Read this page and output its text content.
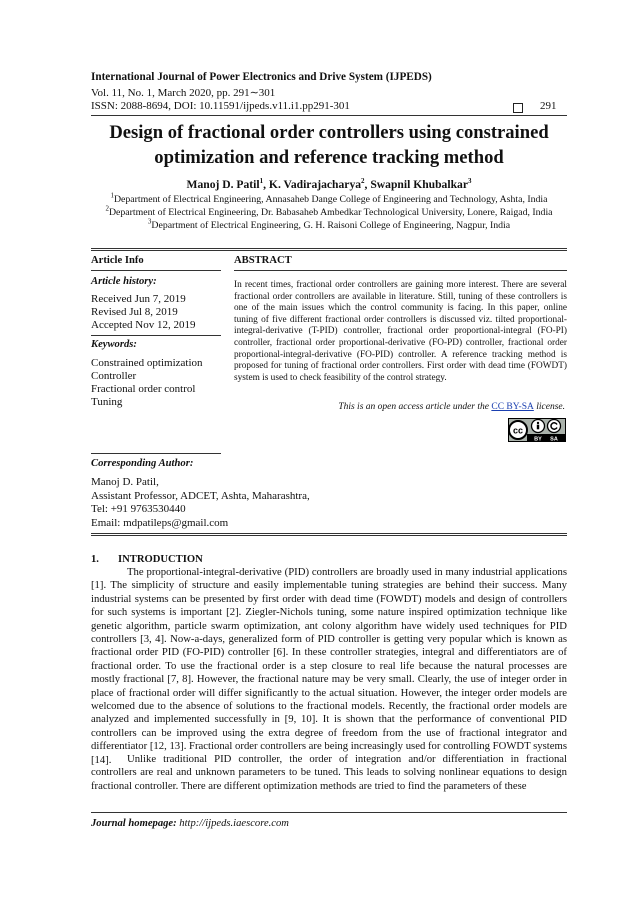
International Journal of Power Electronics and Drive System (IJPEDS)
Vol. 11, No. 1, March 2020, pp. 291∼301
ISSN: 2088-8694, DOI: 10.11591/ijpeds.v11.i1.pp291-301	291
Design of fractional order controllers using constrained
optimization and reference tracking method
Manoj D. Patil$^1$, K. Vadirajacharya$^2$, Swapnil Khubalkar$^3$
$^1$Department of Electrical Engineering, Annasaheb Dange College of Engineering and Technology, Ashta, India
$^2$Department of Electrical Engineering, Dr. Babasaheb Ambedkar Technological University, Lonere, Raigad, India
$^3$Department of Electrical Engineering, G. H. Raisoni College of Engineering, Nagpur, India
Article Info
Article history:
Received Jun 7, 2019
Revised Jul 8, 2019
Accepted Nov 12, 2019
Keywords:
Constrained optimization
Controller
Fractional order control
Tuning
ABSTRACT
In recent times, fractional order controllers are gaining more interest. There are several fractional order controllers are available in literature. Still, tuning of these controllers is one of the main issues which the control community is facing. In this paper, online tuning of five different fractional order controllers is discussed viz. tilted proportional-integral-derivative (T-PID) controller, fractional order proportional-integral (FO-PI) controller, fractional order proportional-derivative (FO-PD) controller, fractional order proportional-integral-derivative (FO-PID) controller. A reference tracking method is proposed for tuning of fractional order controllers. First order with dead time (FOWDT) system is used to check feasibility of the control strategy.
This is an open access article under the CC BY-SA license.
cc
BY SA
Corresponding Author:
Manoj D. Patil,
Assistant Professor, ADCET, Ashta, Maharashtra,
Tel: +91 9763530440
Email: mdpatileps@gmail.com
1. INTRODUCTION
The proportional-integral-derivative (PID) controllers are broadly used in many industrial applications [1]. The simplicity of structure and easily implementable tuning strategies are behind their success. Many industrial systems can be presented by first order with dead time (FOWDT) models and design of controllers for such systems is important [2]. Ziegler-Nichols tuning, some nature inspired optimization technique like genetic algorithm, particle swarm optimization, ant colony algorithm have widely used techniques for PID controllers [3, 4]. Now-a-days, generalized form of PID controller is getting very popular which is known as fractional order PID (FO-PID) controller [6]. In these controller strategies, integral and differentiators are of fractional order. To use the fractional order is a step closure to real life because the natural processes are mostly fractional [7, 8]. However, the fractional nature may be very small. Clearly, the use of integer order in place of fractional order will differ significantly to the actual situation. However, the integer order models are welcomed due to the absence of solutions to the fractional models. Recently, the fractional order models are analyzed and implemented successfully in [9, 10]. It is shown that the performance of conventional PID controllers can be improved using the extra degree of freedom from the use of fractional integrator and differentiator [12, 13]. Fractional order controllers are being increasingly used for controlling FOWDT systems [14].	Unlike traditional PID controller, the order of integration and/or differentiation in fractional controllers are real and unknown parameters to be tuned. This leads to solving nonlinear equations to design fractional controller. There are different optimization methods are tried to find the parameters of these
Journal homepage: http://ijpeds.iaescore.com
